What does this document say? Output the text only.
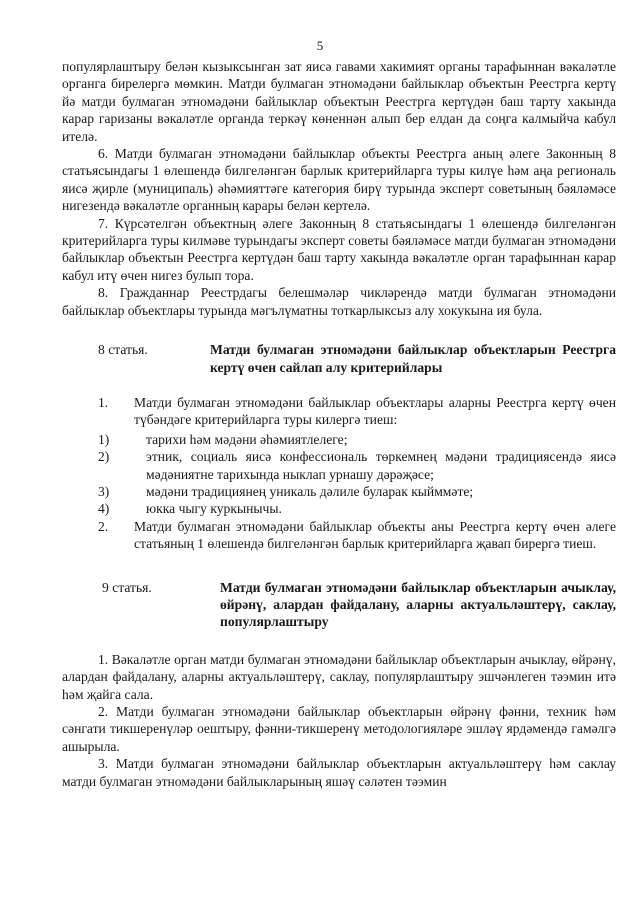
5

популярлаштыру белән кызыксынган зат яисә гавами хакимият органы тарафыннан вәкаләтле органга бирелергә мөмкин. Матди булмаган этномәдәни байлыклар объектын Реестрга кертү йә матди булмаган этномәдәни байлыклар объектын Реестрга кертүдән баш тарту хакында карар гаризаны вәкаләтле органда теркәү көненнән алып бер елдан да соңга калмыйча кабул ителә.

6. Матди булмаган этномәдәни байлыклар объекты Реестрга аның әлеге Законның 8 статьясындагы 1 өлешендә билгеләнгән барлык критерийларга туры килүе һәм аңа региональ яисә җирле (муниципаль) әһәмияттәге категория бирү турында эксперт советының бәяләмәсе нигезендә вәкаләтле органның карары белән кертелә.

7. Күрсәтелгән объектның әлеге Законның 8 статьясындагы 1 өлешендә билгеләнгән критерийларга туры килмәве турындагы эксперт советы бәяләмәсе матди булмаган этномәдәни байлыклар объектын Реестрга кертүдән баш тарту хакында вәкаләтле орган тарафыннан карар кабул итү өчен нигез булып тора.

8. Гражданнар Реестрдагы белешмәләр чикләрендә матди булмаган этномәдәни байлыклар объектлары турында мәгълүматны тоткарлыксыз алу хокукына ия була.

8 статья.	Матди булмаган этномәдәни байлыклар объектларын Реестрга кертү өчен сайлап алу критерийлары
1.	Матди булмаган этномәдәни байлыклар объектлары аларны Реестрга кертү өчен түбәндәге критерийларга туры килергә тиеш:
1)	тарихи һәм мәдәни әһәмиятлелеге;
2)	этник, социаль яисә конфессиональ төркемнең мәдәни традициясендә яисә мәдәниятне тарихында ныклап урнашу дәрәҗәсе;
3)	мәдәни традициянең уникаль дәлиле буларак кыйммәте;
4)	юкка чыгу куркынычы.
2.	Матди булмаган этномәдәни байлыклар объекты аны Реестрга кертү өчен әлеге статьяның 1 өлешендә билгеләнгән барлык критерийларга җавап бирергә тиеш.
9 статья.	Матди булмаган этномәдәни байлыклар объектларын ачыклау, өйрәнү, алардан файдалану, аларны актуальләштерү, саклау, популярлаштыру

1. Вәкаләтле орган матди булмаган этномәдәни байлыклар объектларын ачыклау, өйрәнү, алардан файдалану, аларны актуальләштерү, саклау, популярлаштыру эшчәнлеген тәэмин итә һәм җайга сала.

2. Матди булмаган этномәдәни байлыклар объектларын өйрәнү фәнни, техник һәм сәнгати тикшеренүләр оештыру, фәнни-тикшеренү методологияләре эшләү ярдәмендә гамәлгә ашырыла.

3. Матди булмаган этномәдәни байлыклар объектларын актуальләштерү һәм саклау матди булмаган этномәдәни байлыкларының яшәү сәләтен тәэмин
